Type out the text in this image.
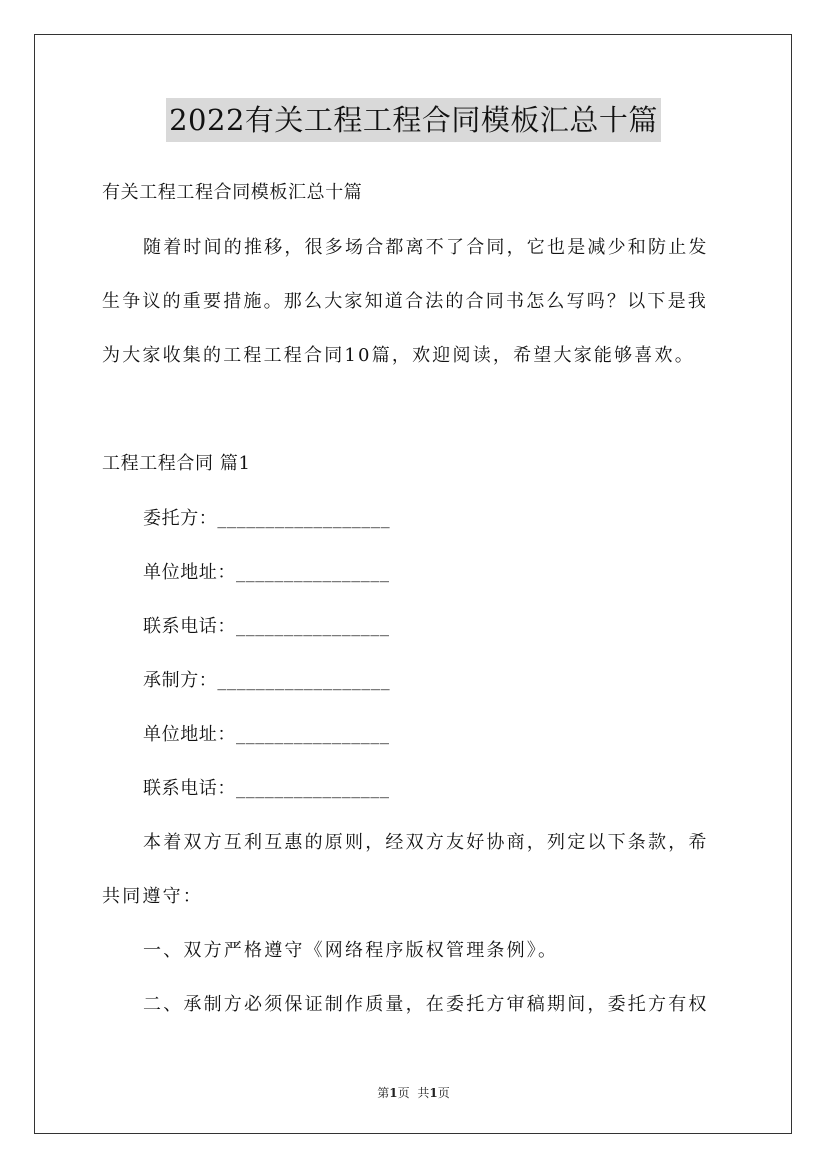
2022有关工程工程合同模板汇总十篇
有关工程工程合同模板汇总十篇
随着时间的推移，很多场合都离不了合同，它也是减少和防止发
生争议的重要措施。那么大家知道合法的合同书怎么写吗？以下是我
为大家收集的工程工程合同10篇，欢迎阅读，希望大家能够喜欢。
工程工程合同 篇1
委托方：__________________
单位地址：________________
联系电话：________________
承制方：__________________
单位地址：________________
联系电话：________________
本着双方互利互惠的原则，经双方友好协商，列定以下条款，希
共同遵守：
一、双方严格遵守《网络程序版权管理条例》。
二、承制方必须保证制作质量，在委托方审稿期间，委托方有权
第1页 共1页
